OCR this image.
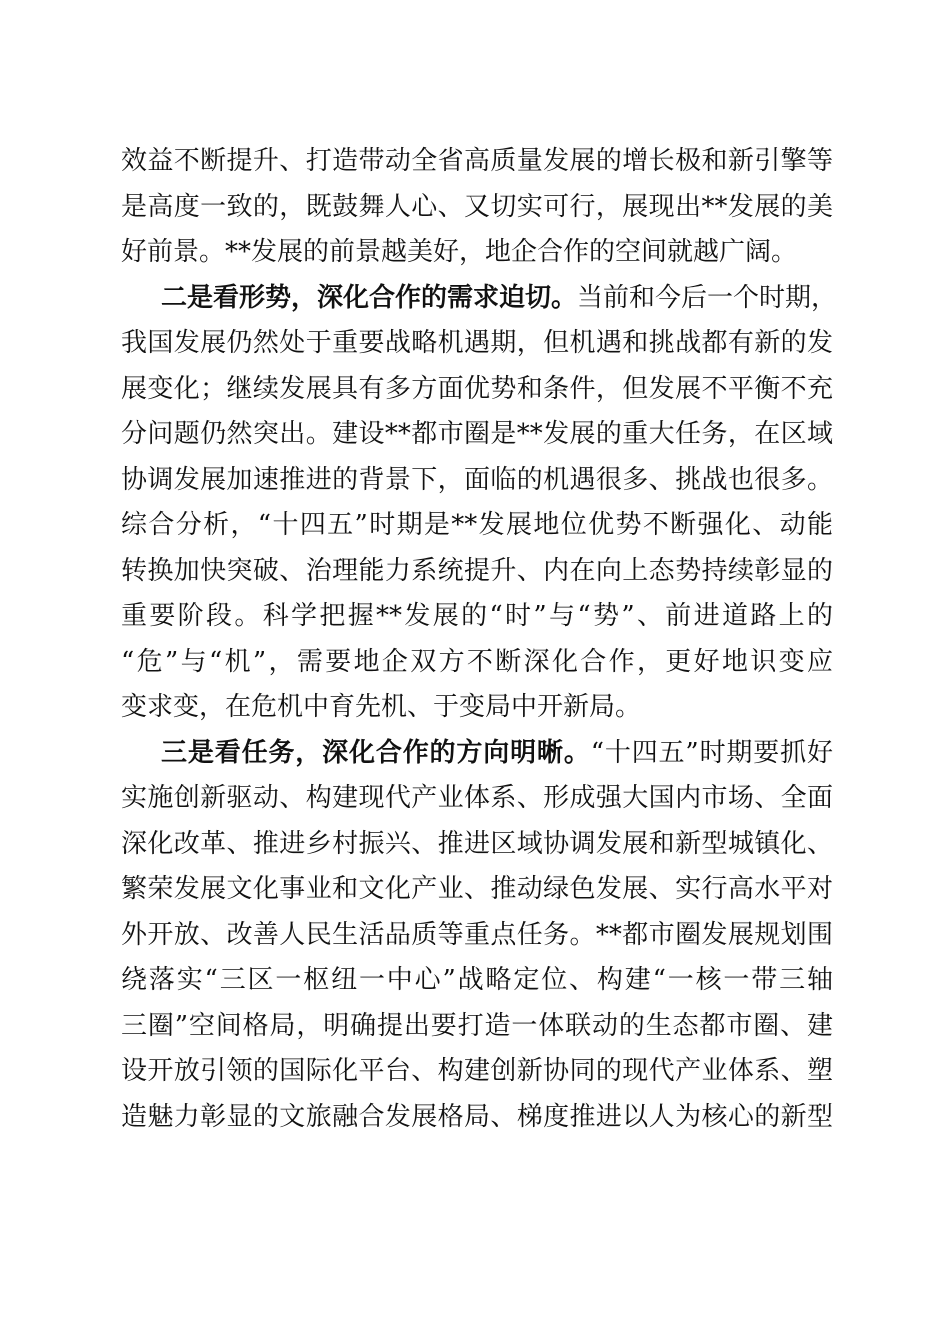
效益不断提升、打造带动全省高质量发展的增长极和新引擎等
是高度一致的，既鼓舞人心、又切实可行，展现出**发展的美
好前景。**发展的前景越美好，地企合作的空间就越广阔。
二是看形势，深化合作的需求迫切。当前和今后一个时期，
我国发展仍然处于重要战略机遇期，但机遇和挑战都有新的发
展变化；继续发展具有多方面优势和条件，但发展不平衡不充
分问题仍然突出。建设**都市圈是**发展的重大任务，在区域
协调发展加速推进的背景下，面临的机遇很多、挑战也很多。
综合分析，“十四五”时期是**发展地位优势不断强化、动能
转换加快突破、治理能力系统提升、内在向上态势持续彰显的
重要阶段。科学把握**发展的“时”与“势”、前进道路上的
“危”与“机”，需要地企双方不断深化合作，更好地识变应
变求变，在危机中育先机、于变局中开新局。
三是看任务，深化合作的方向明晰。“十四五”时期要抓好
实施创新驱动、构建现代产业体系、形成强大国内市场、全面
深化改革、推进乡村振兴、推进区域协调发展和新型城镇化、
繁荣发展文化事业和文化产业、推动绿色发展、实行高水平对
外开放、改善人民生活品质等重点任务。**都市圈发展规划围
绕落实“三区一枢纽一中心”战略定位、构建“一核一带三轴
三圈”空间格局，明确提出要打造一体联动的生态都市圈、建
设开放引领的国际化平台、构建创新协同的现代产业体系、塑
造魅力彰显的文旅融合发展格局、梯度推进以人为核心的新型
